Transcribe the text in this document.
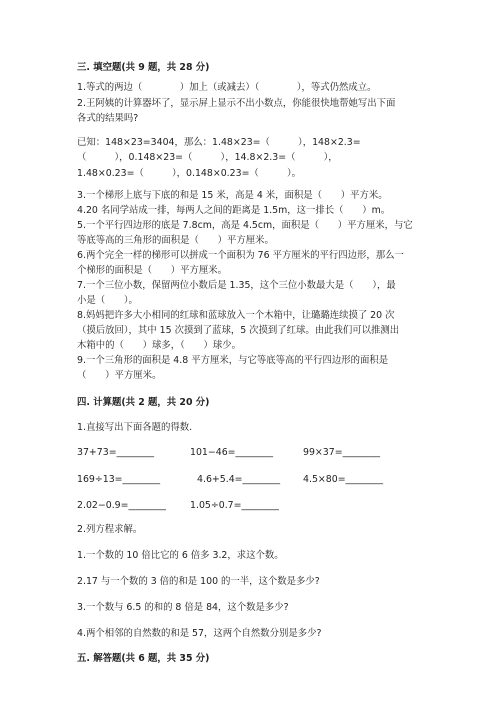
三. 填空题(共 9 题，共 28 分)

1.等式的两边（　　　　）加上（或减去）（　　　　），等式仍然成立。

2.王阿姨的计算器坏了，显示屏上显示不出小数点，你能很快地帮她写出下面

各式的结果吗?

已知：148×23=3404，那么：1.48×23=（　　　），148×2.3=

（　　　），0.148×23=（　　　），14.8×2.3=（　　　），

1.48×0.23=（　　　），0.148×0.23=（　　　）。

3.一个梯形上底与下底的和是 15 米，高是 4 米，面积是（　　）平方米。

4.20 名同学站成一排，每两人之间的距离是 1.5m，这一排长（　　）m。

5.一个平行四边形的底是 7.8cm，高是 4.5cm，面积是（　　）平方厘米，与它

等底等高的三角形的面积是（　　）平方厘米。

6.两个完全一样的梯形可以拼成一个面积为 76 平方厘米的平行四边形，那么一

个梯形的面积是（　　）平方厘米。

7.一个三位小数，保留两位小数后是 1.35，这个三位小数最大是（　　），最

小是（　　）。

8.妈妈把许多大小相同的红球和蓝球放入一个木箱中，让璐璐连续摸了 20 次

（摸后放回），其中 15 次摸到了蓝球，5 次摸到了红球。由此我们可以推测出

木箱中的（　　）球多，（　　）球少。

9.一个三角形的面积是 4.8 平方厘米，与它等底等高的平行四边形的面积是

（　　）平方厘米。

四. 计算题(共 2 题，共 20 分)

1.直接写出下面各题的得数.

37+73=________	101−46=________	99×37=________

169÷13=________	4.6+5.4=________ 4.5×80=________

2.02−0.9=________	1.05÷0.7=________

2.列方程求解。

1.一个数的 10 倍比它的 6 倍多 3.2，求这个数。

2.17 与一个数的 3 倍的和是 100 的一半，这个数是多少?

3.一个数与 6.5 的和的 8 倍是 84，这个数是多少?

4.两个相邻的自然数的和是 57，这两个自然数分别是多少?

五. 解答题(共 6 题，共 35 分)
